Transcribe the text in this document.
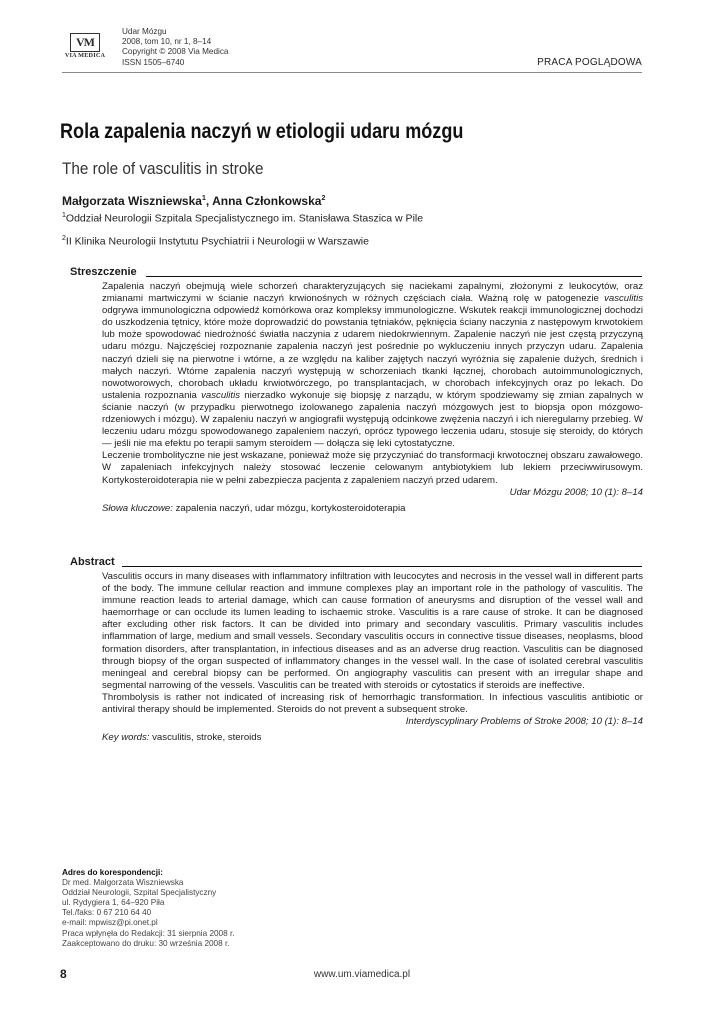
VM
VIA MEDICA
Udar Mózgu
2008, tom 10, nr 1, 8–14
Copyright © 2008 Via Medica
ISSN 1505–6740	PRACA POGLĄDOWA
Rola zapalenia naczyń w etiologii udaru mózgu
The role of vasculitis in stroke
Małgorzata Wiszniewska$^1$, Anna Członkowska$^2$
$^1$Oddział Neurologii Szpitala Specjalistycznego im. Stanisława Staszica w Pile
$^2$II Klinika Neurologii Instytutu Psychiatrii i Neurologii w Warszawie
Streszczenie

Zapalenia naczyń obejmują wiele schorzeń charakteryzujących się naciekami zapalnymi, złożonymi z leukocytów, oraz zmianami martwiczymi w ścianie naczyń krwionośnych w różnych częściach ciała. Ważną rolę w patogenezie vasculitis odgrywa immunologiczna odpowiedź komórkowa oraz kompleksy immunologiczne. Wskutek reakcji immunologicznej dochodzi do uszkodzenia tętnicy, które może doprowadzić do powstania tętniaków, pęknięcia ściany naczynia z następowym krwotokiem lub może spowodować niedrożność światła naczynia z udarem niedokrwiennym. Zapalenie naczyń nie jest częstą przyczyną udaru mózgu. Najczęściej rozpoznanie zapalenia naczyń jest pośrednie po wykluczeniu innych przyczyn udaru. Zapalenia naczyń dzieli się na pierwotne i wtórne, a ze względu na kaliber zajętych naczyń wyróżnia się zapalenie dużych, średnich i małych naczyń. Wtórne zapalenia naczyń występują w schorzeniach tkanki łącznej, chorobach autoimmunologicznych, nowotworowych, chorobach układu krwiotwórczego, po transplantacjach, w chorobach infekcyjnych oraz po lekach. Do ustalenia rozpoznania vasculitis nierzadko wykonuje się biopsję z narządu, w którym spodziewamy się zmian zapalnych w ścianie naczyń (w przypadku pierwotnego izolowanego zapalenia naczyń mózgowych jest to biopsja opon mózgowo-rdzeniowych i mózgu). W zapaleniu naczyń w angiografii występują odcinkowe zwężenia naczyń i ich nieregularny przebieg. W leczeniu udaru mózgu spowodowanego zapaleniem naczyń, oprócz typowego leczenia udaru, stosuje się steroidy, do których — jeśli nie ma efektu po terapii samym steroidem — dołącza się leki cytostatyczne.

Leczenie trombolityczne nie jest wskazane, ponieważ może się przyczyniać do transformacji krwotocznej obszaru zawałowego. W zapaleniach infekcyjnych należy stosować leczenie celowanym antybiotykiem lub lekiem przeciwwirusowym. Kortykosteroidoterapia nie w pełni zabezpiecza pacjenta z zapaleniem naczyń przed udarem.

Udar Mózgu 2008; 10 (1): 8–14
Słowa kluczowe: zapalenia naczyń, udar mózgu, kortykosteroidoterapia
Abstract

Vasculitis occurs in many diseases with inflammatory infiltration with leucocytes and necrosis in the vessel wall in different parts of the body. The immune cellular reaction and immune complexes play an important role in the pathology of vasculitis. The immune reaction leads to arterial damage, which can cause formation of aneurysms and disruption of the vessel wall and haemorrhage or can occlude its lumen leading to ischaemic stroke. Vasculitis is a rare cause of stroke. It can be diagnosed after excluding other risk factors. It can be divided into primary and secondary vasculitis. Primary vasculitis includes inflammation of large, medium and small vessels. Secondary vasculitis occurs in connective tissue diseases, neoplasms, blood formation disorders, after transplantation, in infectious diseases and as an adverse drug reaction. Vasculitis can be diagnosed through biopsy of the organ suspected of inflammatory changes in the vessel wall. In the case of isolated cerebral vasculitis meningeal and cerebral biopsy can be performed. On angiography vasculitis can present with an irregular shape and segmental narrowing of the vessels. Vasculitis can be treated with steroids or cytostatics if steroids are ineffective.

Thrombolysis is rather not indicated of increasing risk of hemorrhagic transformation. In infectious vasculitis antibiotic or antiviral therapy should be implemented. Steroids do not prevent a subsequent stroke.

Interdyscyplinary Problems of Stroke 2008; 10 (1): 8–14
Key words: vasculitis, stroke, steroids
Adres do korespondencji:
Dr med. Małgorzata Wiszniewska
Oddział Neurologii, Szpital Specjalistyczny
ul. Rydygiera 1, 64–920 Piła
Tel./faks: 0 67 210 64 40
e-mail: mpwisz@pi.onet.pl
Praca wpłynęła do Redakcji: 31 sierpnia 2008 r.
Zaakceptowano do druku: 30 września 2008 r.
8	www.um.viamedica.pl
